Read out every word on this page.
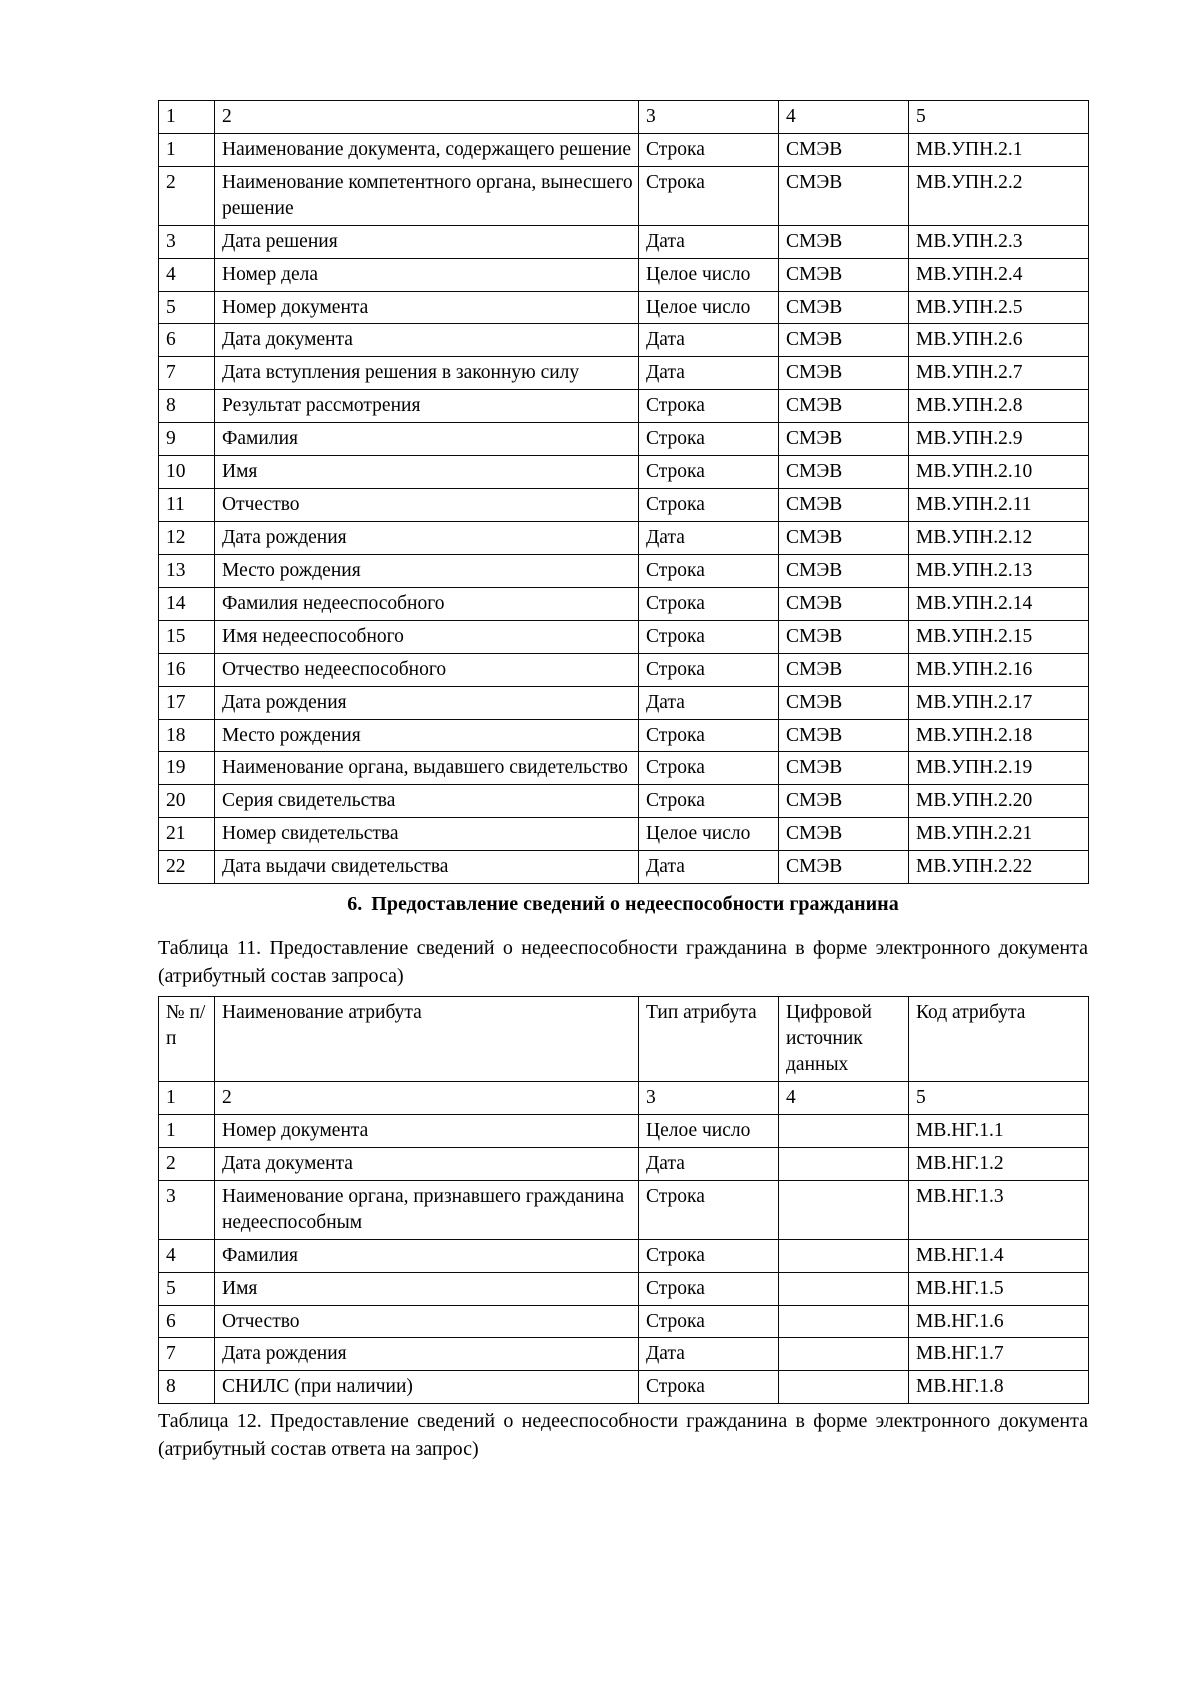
1	2	3	4	5
1	Наименование документа, содержащего решение	Строка	СМЭВ	МВ.УПН.2.1
2	Наименование компетентного органа, вынесшего решение	Строка	СМЭВ	МВ.УПН.2.2
3	Дата решения	Дата	СМЭВ	МВ.УПН.2.3
4	Номер дела	Целое число	СМЭВ	МВ.УПН.2.4
5	Номер документа	Целое число	СМЭВ	МВ.УПН.2.5
6	Дата документа	Дата	СМЭВ	МВ.УПН.2.6
7	Дата вступления решения в законную силу	Дата	СМЭВ	МВ.УПН.2.7
8	Результат рассмотрения	Строка	СМЭВ	МВ.УПН.2.8
9	Фамилия	Строка	СМЭВ	МВ.УПН.2.9
10	Имя	Строка	СМЭВ	МВ.УПН.2.10
11	Отчество	Строка	СМЭВ	МВ.УПН.2.11
12	Дата рождения	Дата	СМЭВ	МВ.УПН.2.12
13	Место рождения	Строка	СМЭВ	МВ.УПН.2.13
14	Фамилия недееспособного	Строка	СМЭВ	МВ.УПН.2.14
15	Имя недееспособного	Строка	СМЭВ	МВ.УПН.2.15
16	Отчество недееспособного	Строка	СМЭВ	МВ.УПН.2.16
17	Дата рождения	Дата	СМЭВ	МВ.УПН.2.17
18	Место рождения	Строка	СМЭВ	МВ.УПН.2.18
19	Наименование органа, выдавшего свидетельство	Строка	СМЭВ	МВ.УПН.2.19
20	Серия свидетельства	Строка	СМЭВ	МВ.УПН.2.20
21	Номер свидетельства	Целое число	СМЭВ	МВ.УПН.2.21
22	Дата выдачи свидетельства	Дата	СМЭВ	МВ.УПН.2.22
6. Предоставление сведений о недееспособности гражданина
Таблица 11. Предоставление сведений о недееспособности гражданина в форме электронного документа (атрибутный состав запроса)
№ п/п	Наименование атрибута	Тип атрибута	Цифровой источник данных	Код атрибута
1	2	3	4	5
1	Номер документа	Целое число		МВ.НГ.1.1
2	Дата документа	Дата		МВ.НГ.1.2
3	Наименование органа, признавшего гражданина недееспособным	Строка		МВ.НГ.1.3
4	Фамилия	Строка		МВ.НГ.1.4
5	Имя	Строка		МВ.НГ.1.5
6	Отчество	Строка		МВ.НГ.1.6
7	Дата рождения	Дата		МВ.НГ.1.7
8	СНИЛС (при наличии)	Строка		МВ.НГ.1.8
Таблица 12. Предоставление сведений о недееспособности гражданина в форме электронного документа (атрибутный состав ответа на запрос)
